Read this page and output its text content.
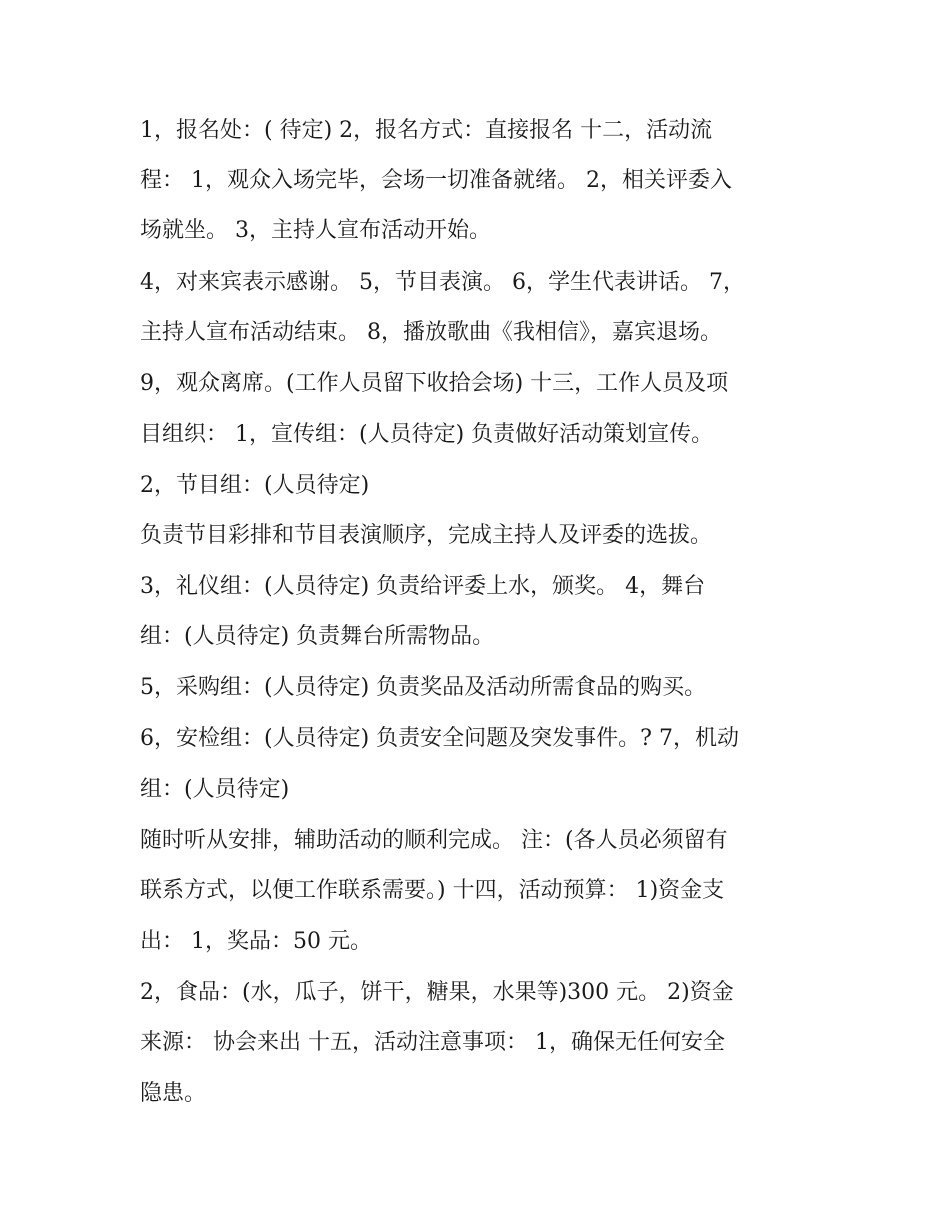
1，报名处：( 待定) 2，报名方式：直接报名 十二，活动流
程： 1，观众入场完毕，会场一切准备就绪。 2，相关评委入
场就坐。 3，主持人宣布活动开始。
4，对来宾表示感谢。 5，节目表演。 6，学生代表讲话。 7，
主持人宣布活动结束。 8，播放歌曲《我相信》，嘉宾退场。
9，观众离席。(工作人员留下收拾会场) 十三，工作人员及项
目组织： 1，宣传组：(人员待定) 负责做好活动策划宣传。
2，节目组：(人员待定)
负责节目彩排和节目表演顺序，完成主持人及评委的选拔。
3，礼仪组：(人员待定) 负责给评委上水，颁奖。 4，舞台
组：(人员待定) 负责舞台所需物品。
5，采购组：(人员待定) 负责奖品及活动所需食品的购买。
6，安检组：(人员待定) 负责安全问题及突发事件。? 7，机动
组：(人员待定)
随时听从安排，辅助活动的顺利完成。 注：(各人员必须留有
联系方式，以便工作联系需要。) 十四，活动预算： 1)资金支
出： 1，奖品：50 元。
2，食品：(水，瓜子，饼干，糖果，水果等)300 元。 2)资金
来源： 协会来出 十五，活动注意事项： 1，确保无任何安全
隐患。
